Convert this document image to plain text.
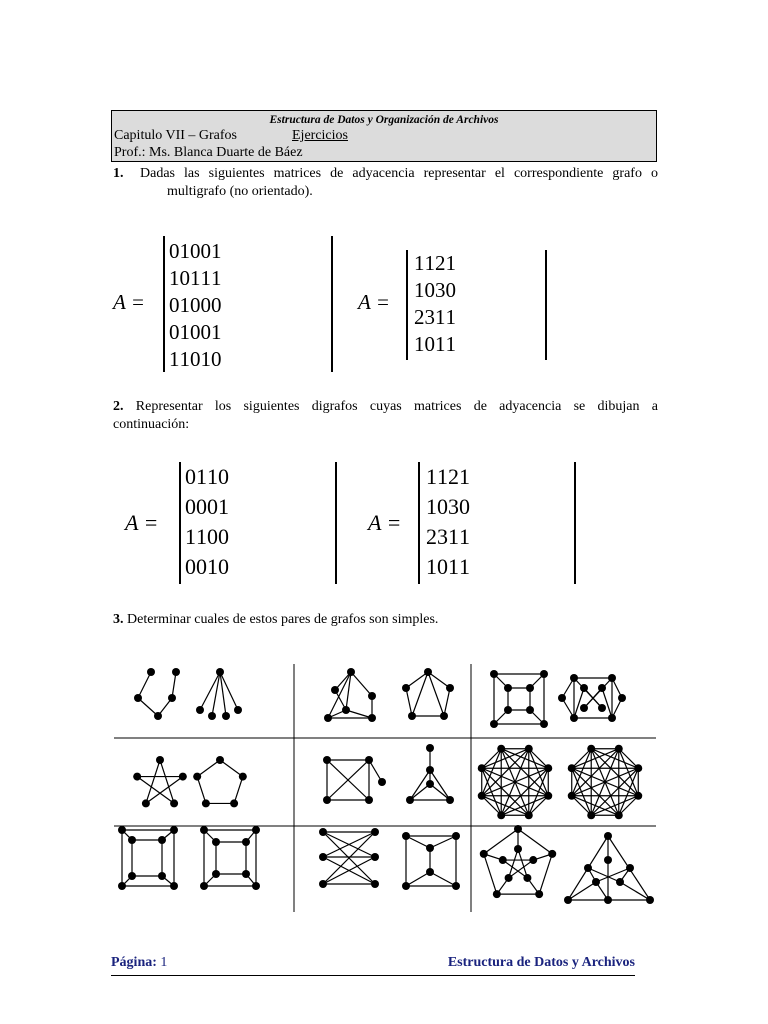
Estructura de Datos y Organización de Archivos
Capitulo VII – Grafos	Ejercicios
Prof.: Ms. Blanca Duarte de Báez
1. Dadas las siguientes matrices de adyacencia representar el correspondiente grafo o
multigrafo (no orientado).
A =
0	1	0	0	1
1	0	1	1	1
0	1	0	0	0
0	1	0	0	1
1	1	0	1	0
A =
1	1	2	1
1	0	3	0
2	3	1	1
1	0	1	1
2. Representar los siguientes digrafos cuyas matrices de adyacencia se dibujan a
continuación:
A =
0	1	1	0
0	0	0	1
1	1	0	0
0	0	1	0
A =
1	1	2	1
1	0	3	0
2	3	1	1
1	0	1	1
3. Determinar cuales de estos pares de grafos son simples.
Página: 1	Estructura de Datos y Archivos
